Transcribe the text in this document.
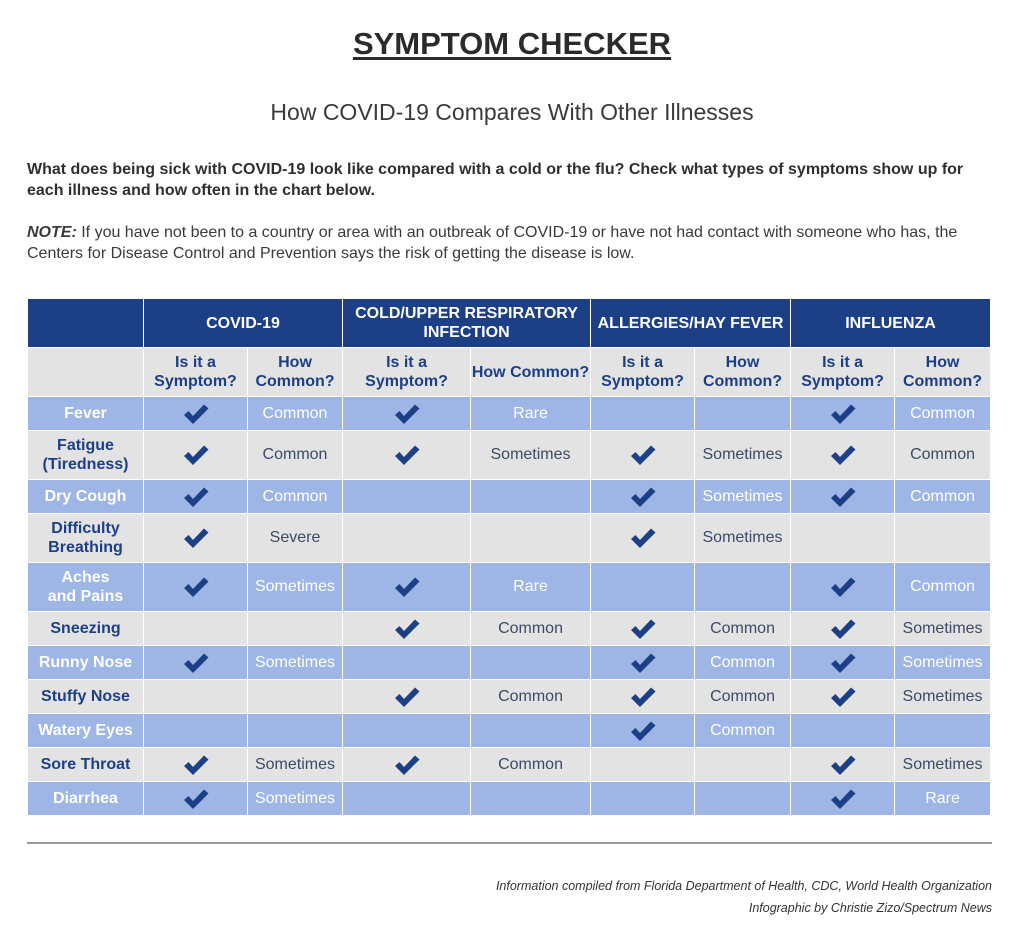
SYMPTOM CHECKER
How COVID-19 Compares With Other Illnesses
What does being sick with COVID-19 look like compared with a cold or the flu? Check what types of symptoms show up for each illness and how often in the chart below.
NOTE: If you have not been to a country or area with an outbreak of COVID-19 or have not had contact with someone who has, the Centers for Disease Control and Prevention says the risk of getting the disease is low.
	COVID-19		COLD/UPPER RESPIRATORY INFECTION		ALLERGIES/HAY FEVER		INFLUENZA	
	Is it a Symptom?	How Common?	Is it a Symptom?	How Common?	Is it a Symptom?	How Common?	Is it a Symptom?	How Common?
Fever		Common		Rare				Common
Fatigue (Tiredness)		Common		Sometimes		Sometimes		Common
Dry Cough		Common				Sometimes		Common
Difficulty Breathing		Severe				Sometimes		
Aches and Pains		Sometimes		Rare				Common
Sneezing				Common		Common		Sometimes
Runny Nose		Sometimes				Common		Sometimes
Stuffy Nose				Common		Common		Sometimes
Watery Eyes						Common		
Sore Throat		Sometimes		Common				Sometimes
Diarrhea		Sometimes						Rare
Information compiled from Florida Department of Health, CDC, World Health Organization
Infographic by Christie Zizo/Spectrum News
